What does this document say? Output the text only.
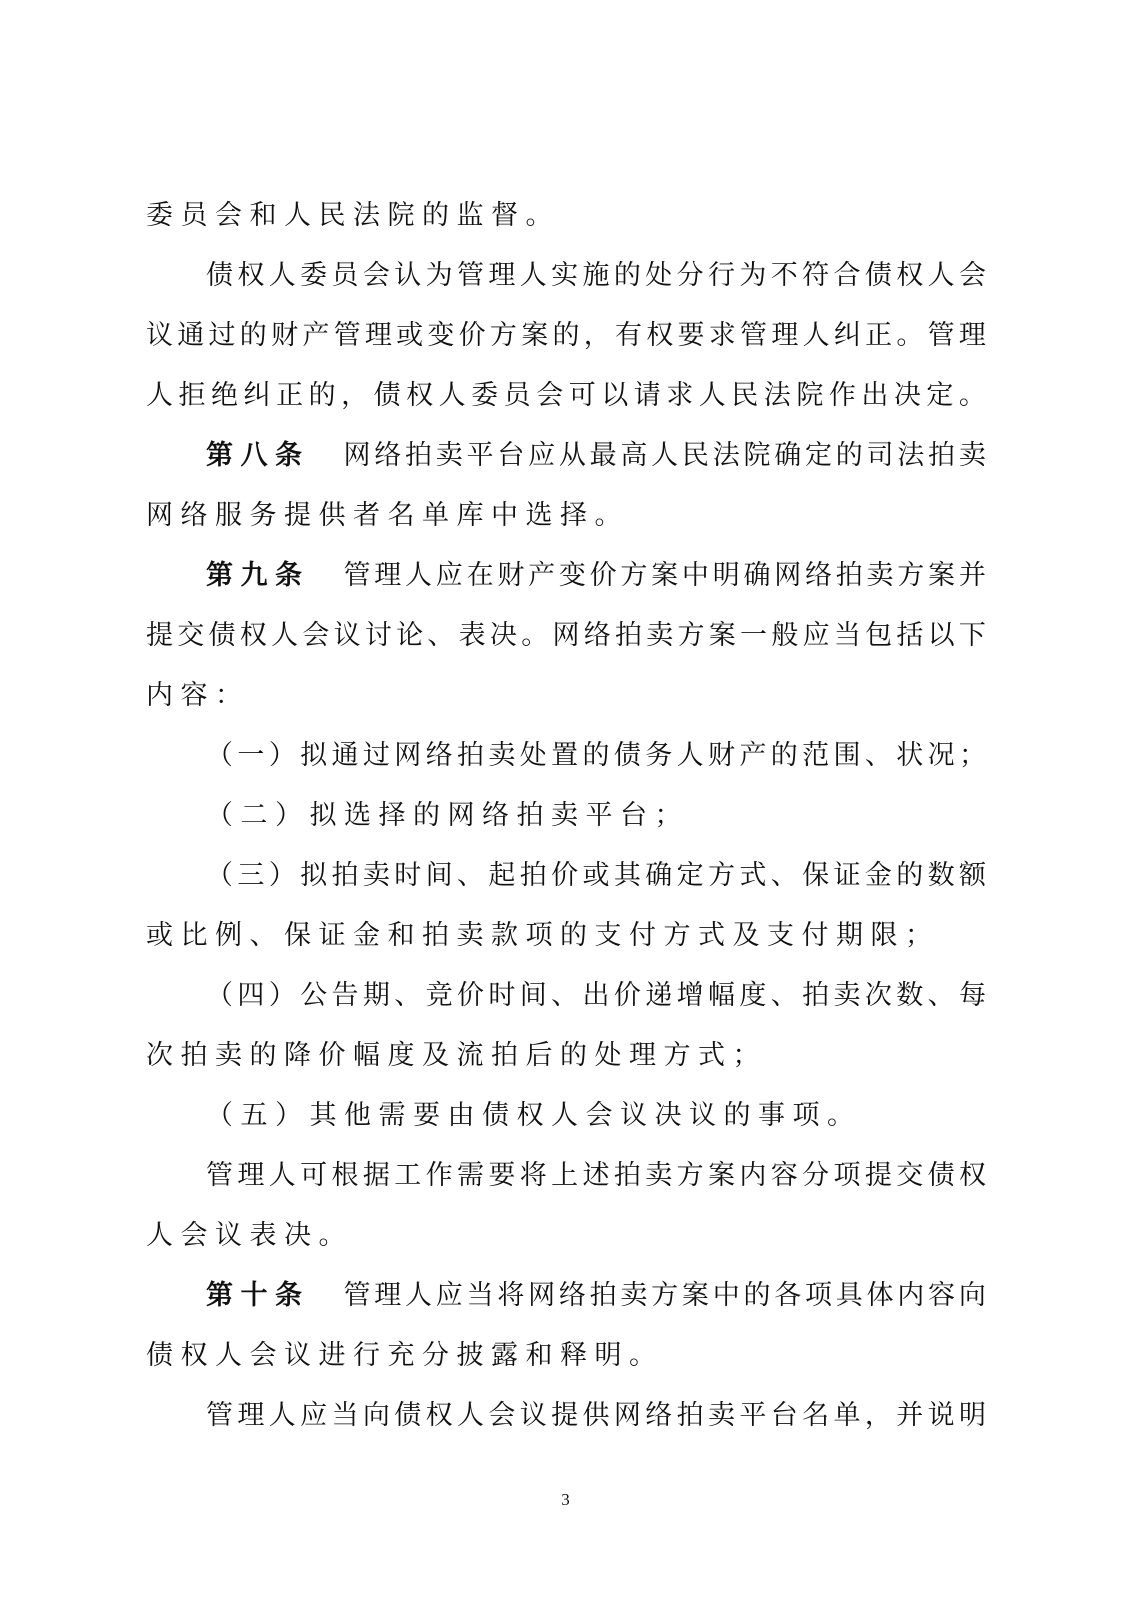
委员会和人民法院的监督。
债 权 人 委 员 会 认 为 管 理 人 实 施 的 处 分 行 为 不 符 合 债 权 人 会
议 通 过 的 财 产 管 理 或 变 价 方 案 的 ， 有 权 要 求 管 理 人 纠 正 。 管 理
人 拒 绝 纠 正 的 ， 债 权 人 委 员 会 可 以 请 求 人 民 法 院 作 出 决 定 。
第八条 网 络 拍 卖 平 台 应 从 最 高 人 民 法 院 确 定 的 司 法 拍 卖
网络服务提供者名单库中选择。
第九条 管 理 人 应 在 财 产 变 价 方 案 中 明 确 网 络 拍 卖 方 案 并
提 交 债 权 人 会 议 讨 论 、 表 决 。 网 络 拍 卖 方 案 一 般 应 当 包 括 以 下
内容：
（ 一 ） 拟 通 过 网 络 拍 卖 处 置 的 债 务 人 财 产 的 范 围 、 状 况 ；
（二）拟选择的网络拍卖平台；
（ 三 ） 拟 拍 卖 时 间 、 起 拍 价 或 其 确 定 方 式 、 保 证 金 的 数 额
或比例、保证金和拍卖款项的支付方式及支付期限；
（ 四 ） 公 告 期 、 竞 价 时 间 、 出 价 递 增 幅 度 、 拍 卖 次 数 、 每
次拍卖的降价幅度及流拍后的处理方式；
（五）其他需要由债权人会议决议的事项。
管 理 人 可 根 据 工 作 需 要 将 上 述 拍 卖 方 案 内 容 分 项 提 交 债 权
人会议表决。
第十条 管 理 人 应 当 将 网 络 拍 卖 方 案 中 的 各 项 具 体 内 容 向
债权人会议进行充分披露和释明。
管 理 人 应 当 向 债 权 人 会 议 提 供 网 络 拍 卖 平 台 名 单 ， 并 说 明
3
